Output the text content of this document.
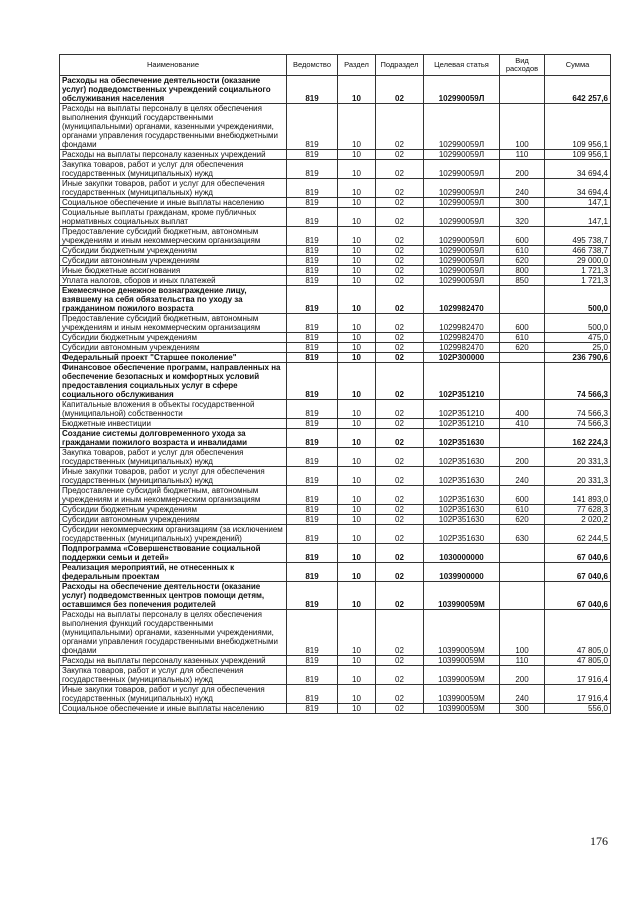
Наименование	Ведомство	Раздел	Подраздел	Целевая статья	Вид расходов	Сумма
Расходы на обеспечение деятельности (оказание услуг) подведомственных учреждений социального обслуживания населения	819	10	02	102990059Л		642 257,6
Расходы на выплаты персоналу в целях обеспечения выполнения функций государственными (муниципальными) органами, казенными учреждениями, органами управления государственными внебюджетными фондами	819	10	02	102990059Л	100	109 956,1
Расходы на выплаты персоналу казенных учреждений	819	10	02	102990059Л	110	109 956,1
Закупка товаров, работ и услуг для обеспечения государственных (муниципальных) нужд	819	10	02	102990059Л	200	34 694,4
Иные закупки товаров, работ и услуг для обеспечения государственных (муниципальных) нужд	819	10	02	102990059Л	240	34 694,4
Социальное обеспечение и иные выплаты населению	819	10	02	102990059Л	300	147,1
Социальные выплаты гражданам, кроме публичных нормативных социальных выплат	819	10	02	102990059Л	320	147,1
Предоставление субсидий бюджетным, автономным учреждениям и иным некоммерческим организациям	819	10	02	102990059Л	600	495 738,7
Субсидии бюджетным учреждениям	819	10	02	102990059Л	610	466 738,7
Субсидии автономным учреждениям	819	10	02	102990059Л	620	29 000,0
Иные бюджетные ассигнования	819	10	02	102990059Л	800	1 721,3
Уплата налогов, сборов и иных платежей	819	10	02	102990059Л	850	1 721,3
Ежемесячное денежное вознаграждение лицу, взявшему на себя обязательства по уходу за гражданином пожилого возраста	819	10	02	1029982470		500,0
Предоставление субсидий бюджетным, автономным учреждениям и иным некоммерческим организациям	819	10	02	1029982470	600	500,0
Субсидии бюджетным учреждениям	819	10	02	1029982470	610	475,0
Субсидии автономным учреждениям	819	10	02	1029982470	620	25,0
Федеральный проект "Старшее поколение"	819	10	02	102P300000		236 790,6
Финансовое обеспечение программ, направленных на обеспечение безопасных и комфортных условий предоставления социальных услуг в сфере социального обслуживания	819	10	02	102P351210		74 566,3
Капитальные вложения в объекты государственной (муниципальной) собственности	819	10	02	102P351210	400	74 566,3
Бюджетные инвестиции	819	10	02	102P351210	410	74 566,3
Создание системы долговременного ухода за гражданами пожилого возраста и инвалидами	819	10	02	102P351630		162 224,3
Закупка товаров, работ и услуг для обеспечения государственных (муниципальных) нужд	819	10	02	102P351630	200	20 331,3
Иные закупки товаров, работ и услуг для обеспечения государственных (муниципальных) нужд	819	10	02	102P351630	240	20 331,3
Предоставление субсидий бюджетным, автономным учреждениям и иным некоммерческим организациям	819	10	02	102P351630	600	141 893,0
Субсидии бюджетным учреждениям	819	10	02	102P351630	610	77 628,3
Субсидии автономным учреждениям	819	10	02	102P351630	620	2 020,2
Субсидии некоммерческим организациям (за исключением государственных (муниципальных) учреждений)	819	10	02	102P351630	630	62 244,5
Подпрограмма «Совершенствование социальной поддержки семьи и детей»	819	10	02	1030000000		67 040,6
Реализация мероприятий, не отнесенных к федеральным проектам	819	10	02	1039900000		67 040,6
Расходы на обеспечение деятельности (оказание услуг) подведомственных центров помощи детям, оставшимся без попечения родителей	819	10	02	103990059М		67 040,6
Расходы на выплаты персоналу в целях обеспечения выполнения функций государственными (муниципальными) органами, казенными учреждениями, органами управления государственными внебюджетными фондами	819	10	02	103990059М	100	47 805,0
Расходы на выплаты персоналу казенных учреждений	819	10	02	103990059М	110	47 805,0
Закупка товаров, работ и услуг для обеспечения государственных (муниципальных) нужд	819	10	02	103990059М	200	17 916,4
Иные закупки товаров, работ и услуг для обеспечения государственных (муниципальных) нужд	819	10	02	103990059М	240	17 916,4
Социальное обеспечение и иные выплаты населению	819	10	02	103990059М	300	556,0
176
